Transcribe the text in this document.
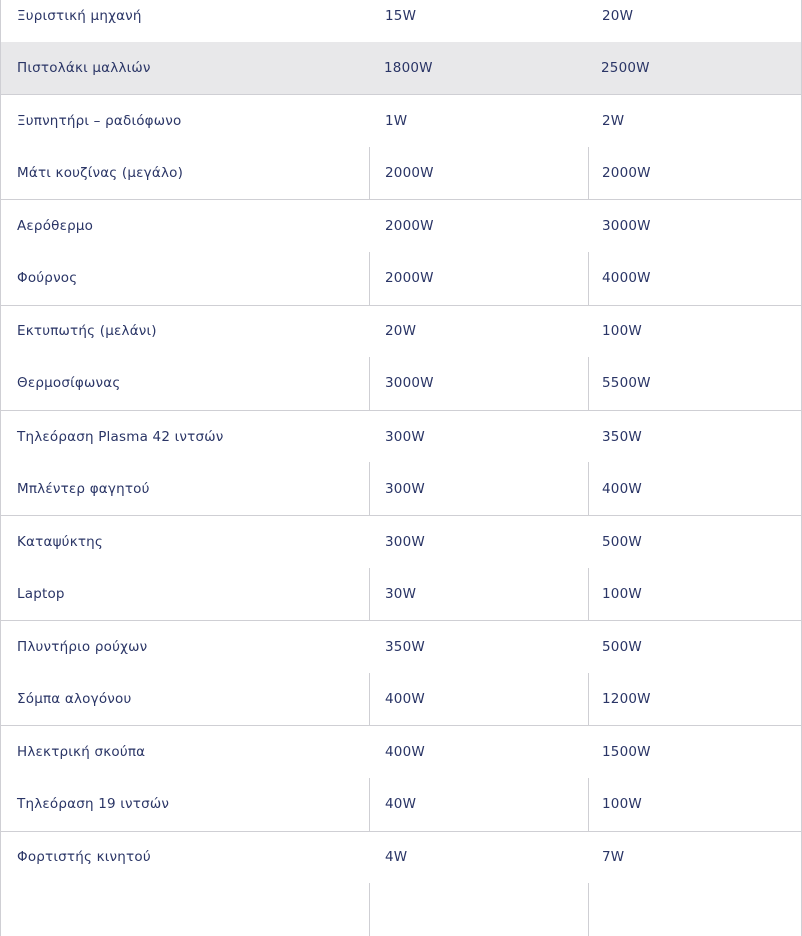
Ξυριστική μηχανή	15W	20W
Πιστολάκι μαλλιών	1800W	2500W
Ξυπνητήρι – ραδιόφωνο	1W	2W
Μάτι κουζίνας (μεγάλο)	2000W	2000W
Αερόθερμο	2000W	3000W
Φούρνος	2000W	4000W
Εκτυπωτής (μελάνι)	20W	100W
Θερμοσίφωνας	3000W	5500W
Τηλεόραση Plasma 42 ιντσών	300W	350W
Μπλέντερ φαγητού	300W	400W
Καταψύκτης	300W	500W
Laptop	30W	100W
Πλυντήριο ρούχων	350W	500W
Σόμπα αλογόνου	400W	1200W
Ηλεκτρική σκούπα	400W	1500W
Τηλεόραση 19 ιντσών	40W	100W
Φορτιστής κινητού	4W	7W
